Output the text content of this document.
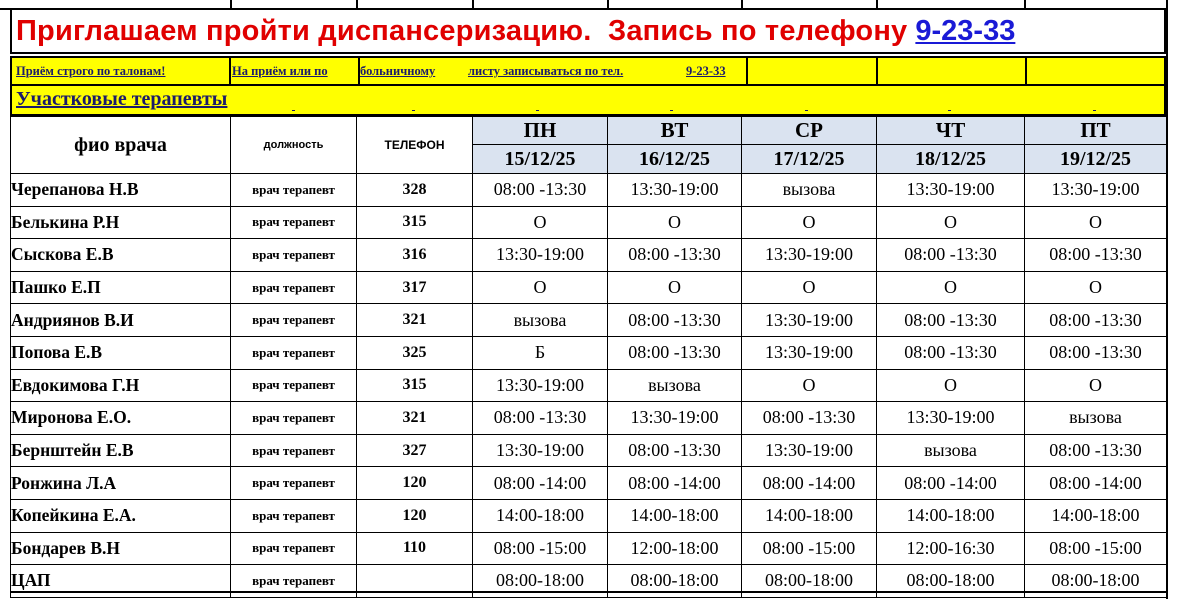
Приглашаем пройти диспансеризацию.  Запись по телефону 9-23-33
Приём строго по талонам!	На приём или по	больничному	листу записываться по тел.	9-23-33
Участковые терапевты

фио врача	должность	ТЕЛЕФОН	ПН	ВТ	СР	ЧТ	ПТ
			15/12/25	16/12/25	17/12/25	18/12/25	19/12/25
Черепанова Н.В	врач терапевт	328	08:00 -13:30	13:30-19:00	вызова	13:30-19:00	13:30-19:00
Белькина Р.Н	врач терапевт	315	О	О	О	О	О
Сыскова Е.В	врач терапевт	316	13:30-19:00	08:00 -13:30	13:30-19:00	08:00 -13:30	08:00 -13:30
Пашко Е.П	врач терапевт	317	О	О	О	О	О
Андриянов В.И	врач терапевт	321	вызова	08:00 -13:30	13:30-19:00	08:00 -13:30	08:00 -13:30
Попова Е.В	врач терапевт	325	Б	08:00 -13:30	13:30-19:00	08:00 -13:30	08:00 -13:30
Евдокимова Г.Н	врач терапевт	315	13:30-19:00	вызова	О	О	О
Миронова Е.О.	врач терапевт	321	08:00 -13:30	13:30-19:00	08:00 -13:30	13:30-19:00	вызова
Бернштейн Е.В	врач терапевт	327	13:30-19:00	08:00 -13:30	13:30-19:00	вызова	08:00 -13:30
Ронжина Л.А	врач терапевт	120	08:00 -14:00	08:00 -14:00	08:00 -14:00	08:00 -14:00	08:00 -14:00
Копейкина Е.А.	врач терапевт	120	14:00-18:00	14:00-18:00	14:00-18:00	14:00-18:00	14:00-18:00
Бондарев В.Н	врач терапевт	110	08:00 -15:00	12:00-18:00	08:00 -15:00	12:00-16:30	08:00 -15:00
ЦАП	врач терапевт		08:00-18:00	08:00-18:00	08:00-18:00	08:00-18:00	08:00-18:00
